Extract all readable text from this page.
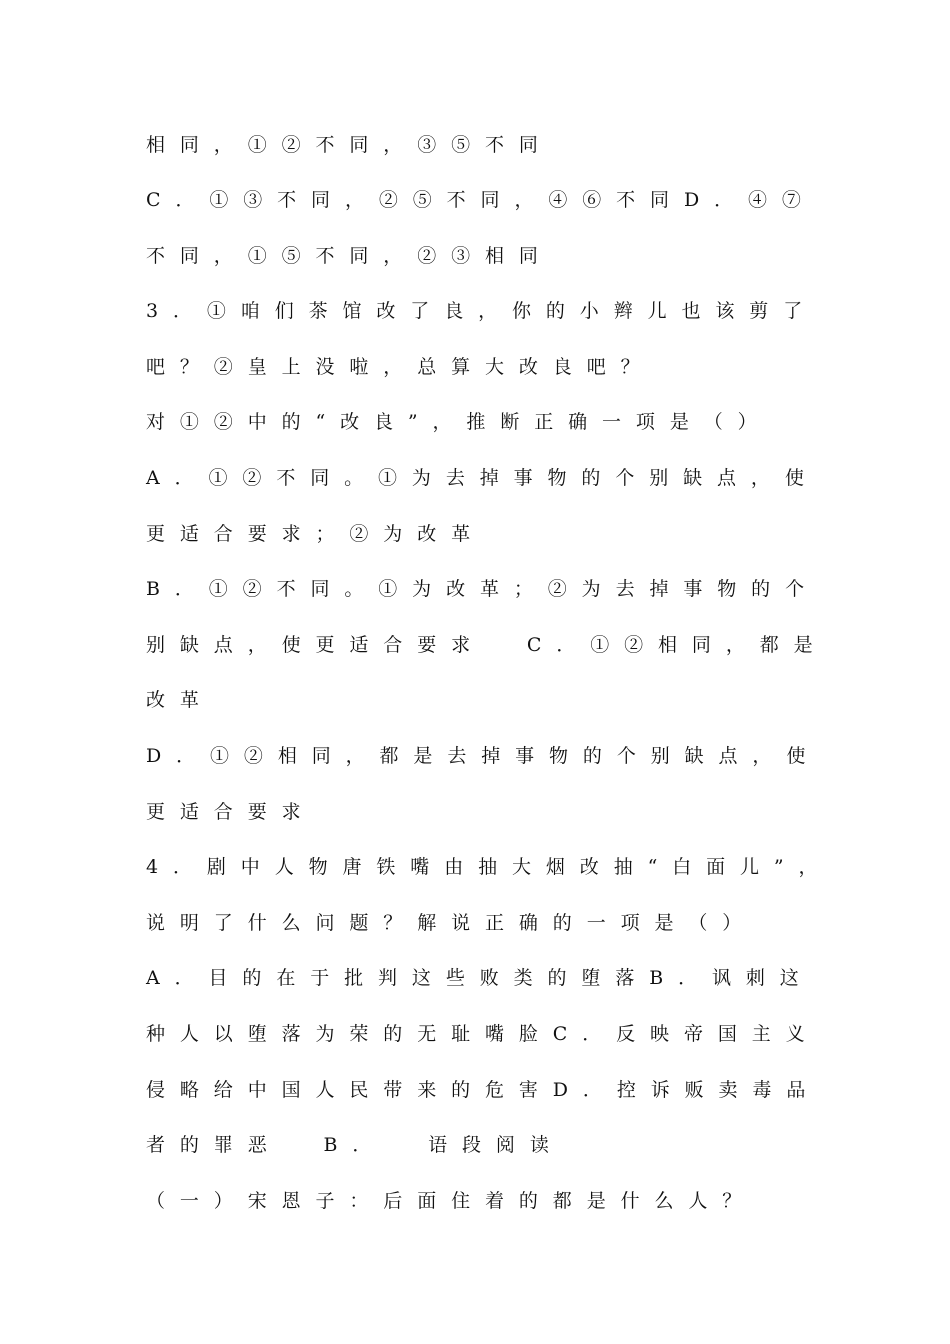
相同，①②不同，③⑤不同
C．①③不同，②⑤不同，④⑥不同D．④⑦
不同，①⑤不同，②③相同
3．①咱们茶馆改了良，你的小辫儿也该剪了
吧？②皇上没啦，总算大改良吧？
对①②中的“改良”，推断正确一项是（）
A．①②不同。①为去掉事物的个别缺点，使
更适合要求；②为改革
B．①②不同。①为改革；②为去掉事物的个
别缺点，使更适合要求  C．①②相同，都是
改革
D．①②相同，都是去掉事物的个别缺点，使
更适合要求
4．剧中人物唐铁嘴由抽大烟改抽“白面儿”，
说明了什么问题？解说正确的一项是（）
A．目的在于批判这些败类的堕落B．讽刺这
种人以堕落为荣的无耻嘴脸C．反映帝国主义
侵略给中国人民带来的危害D．控诉贩卖毒品
者的罪恶  B．  语段阅读
（一）宋恩子：后面住着的都是什么人？
